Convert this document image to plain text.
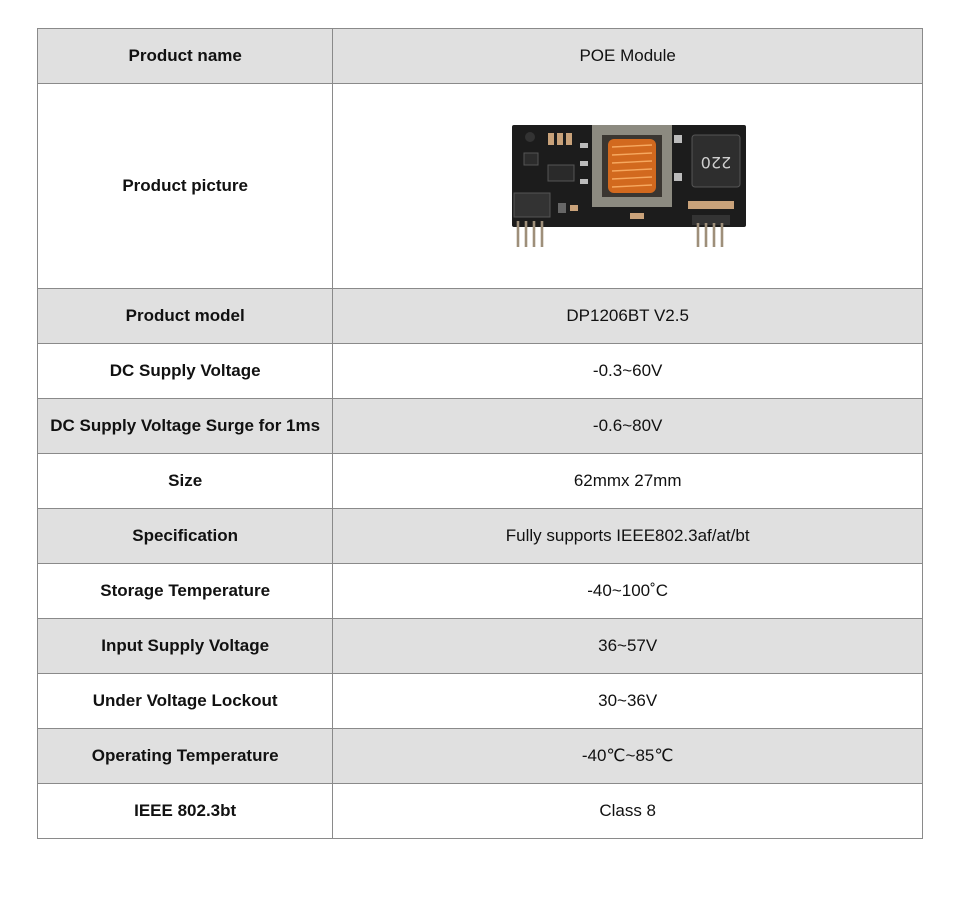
Product name	POE Module
Product picture	220

Product model	DP1206BT V2.5
DC Supply Voltage	-0.3~60V
DC Supply Voltage Surge for 1ms	-0.6~80V
Size	62mmx 27mm
Specification	Fully supports IEEE802.3af/at/bt
Storage Temperature	-40~100˚C
Input Supply Voltage	36~57V
Under Voltage Lockout	30~36V
Operating Temperature	-40℃~85℃
IEEE 802.3bt	Class 8
